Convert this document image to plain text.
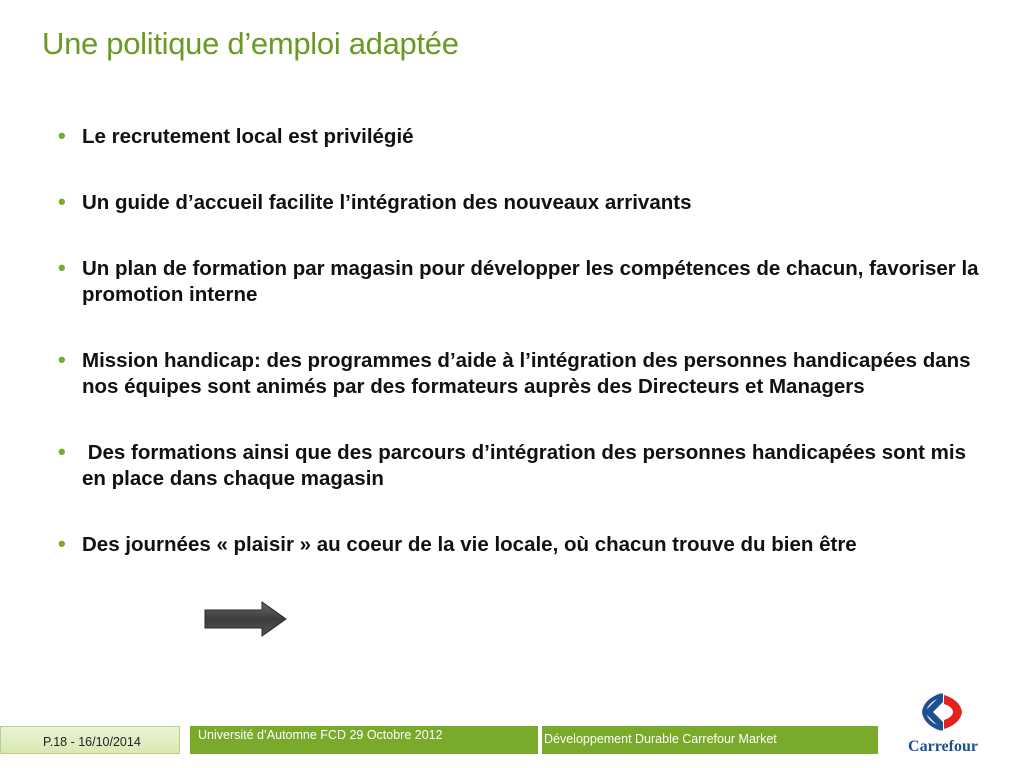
Une politique d’emploi adaptée
• Le recrutement local est privilégié
• Un guide d’accueil facilite l’intégration des nouveaux arrivants
• Un plan de formation par magasin pour développer les compétences de chacun, favoriser la promotion interne
• Mission handicap: des programmes d’aide à l’intégration des personnes handicapées dans nos équipes sont animés par des formateurs auprès des Directeurs et Managers
• Des formations ainsi que des parcours d’intégration des personnes handicapées sont mis en place dans chaque magasin
• Des journées « plaisir » au coeur de la vie locale, où chacun trouve du bien être
P.18 - 16/10/2014	Université d’Automne FCD 29 Octobre 2012	Développement Durable Carrefour Market	Carrefour
